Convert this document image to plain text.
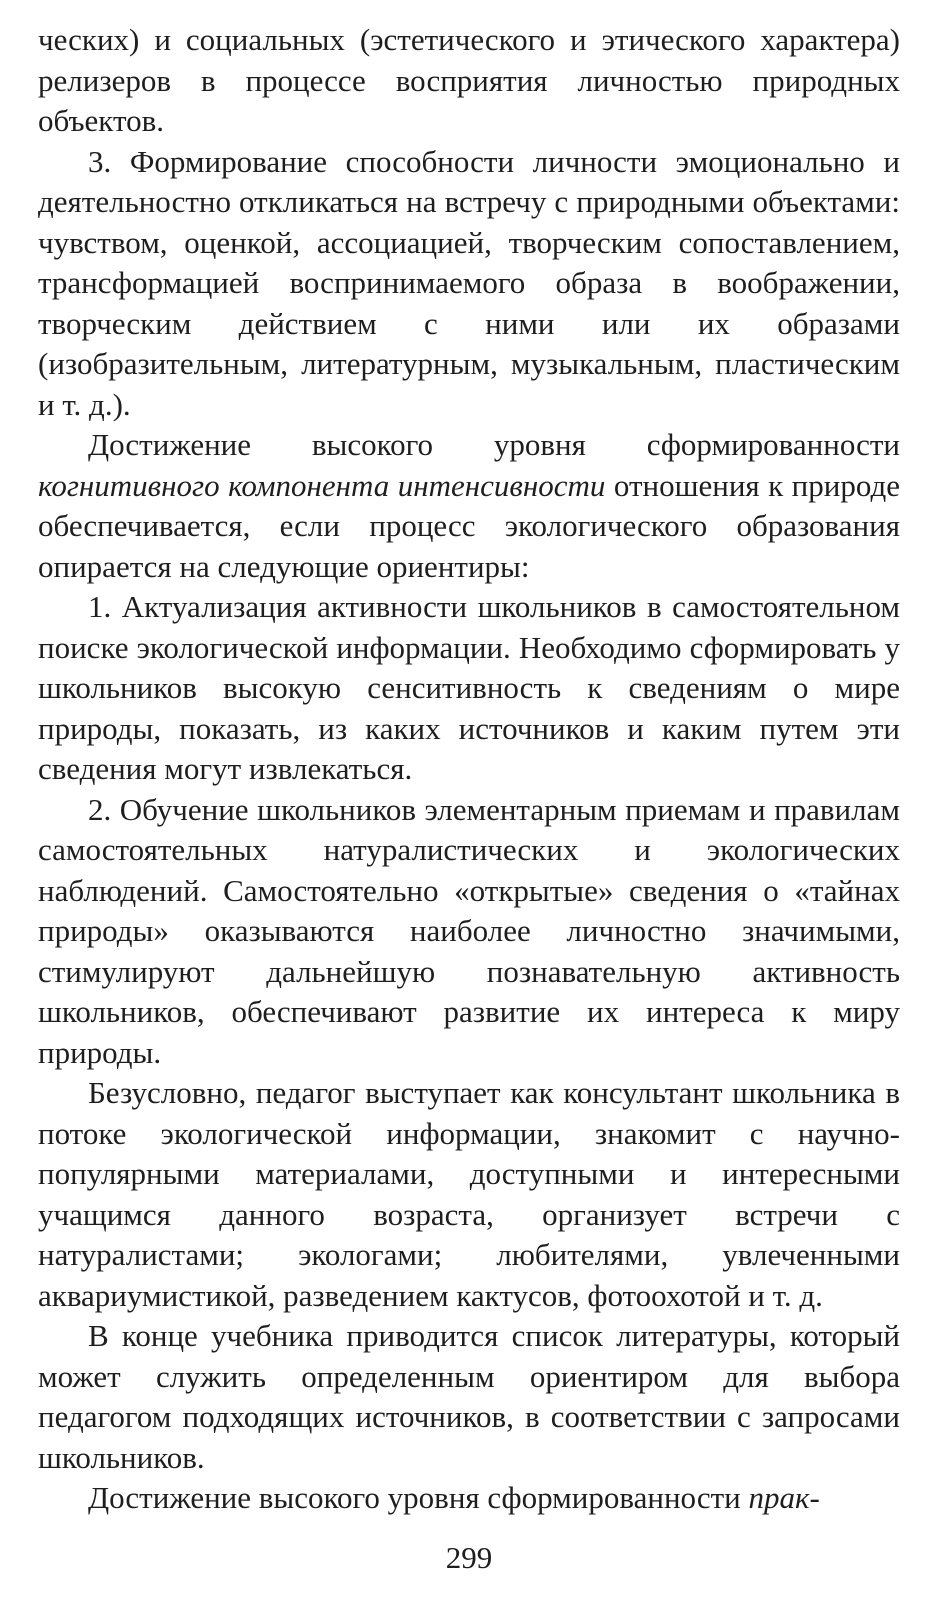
ческих) и социальных (эстетического и этического характера) релизеров в процессе восприятия личностью природных объектов.

3. Формирование способности личности эмоционально и деятельностно откликаться на встречу с природными объектами: чувством, оценкой, ассоциацией, творческим сопоставлением, трансформацией воспринимаемого образа в воображении, творческим действием с ними или их образами (изобразительным, литературным, музыкальным, пластическим и т. д.).

Достижение высокого уровня сформированности когнитивного компонента интенсивности отношения к природе обеспечивается, если процесс экологического образования опирается на следующие ориентиры:

1. Актуализация активности школьников в самостоятельном поиске экологической информации. Необходимо сформировать у школьников высокую сенситивность к сведениям о мире природы, показать, из каких источников и каким путем эти сведения могут извлекаться.

2. Обучение школьников элементарным приемам и правилам самостоятельных натуралистических и экологических наблюдений. Самостоятельно «открытые» сведения о «тайнах природы» оказываются наиболее личностно значимыми, стимулируют дальнейшую познавательную активность школьников, обеспечивают развитие их интереса к миру природы.

Безусловно, педагог выступает как консультант школьника в потоке экологической информации, знакомит с научно-популярными материалами, доступными и интересными учащимся данного возраста, организует встречи с натуралистами; экологами; любителями, увлеченными аквариумистикой, разведением кактусов, фотоохотой и т. д.

В конце учебника приводится список литературы, который может служить определенным ориентиром для выбора педагогом подходящих источников, в соответствии с запросами школьников.

Достижение высокого уровня сформированности прак-

299
